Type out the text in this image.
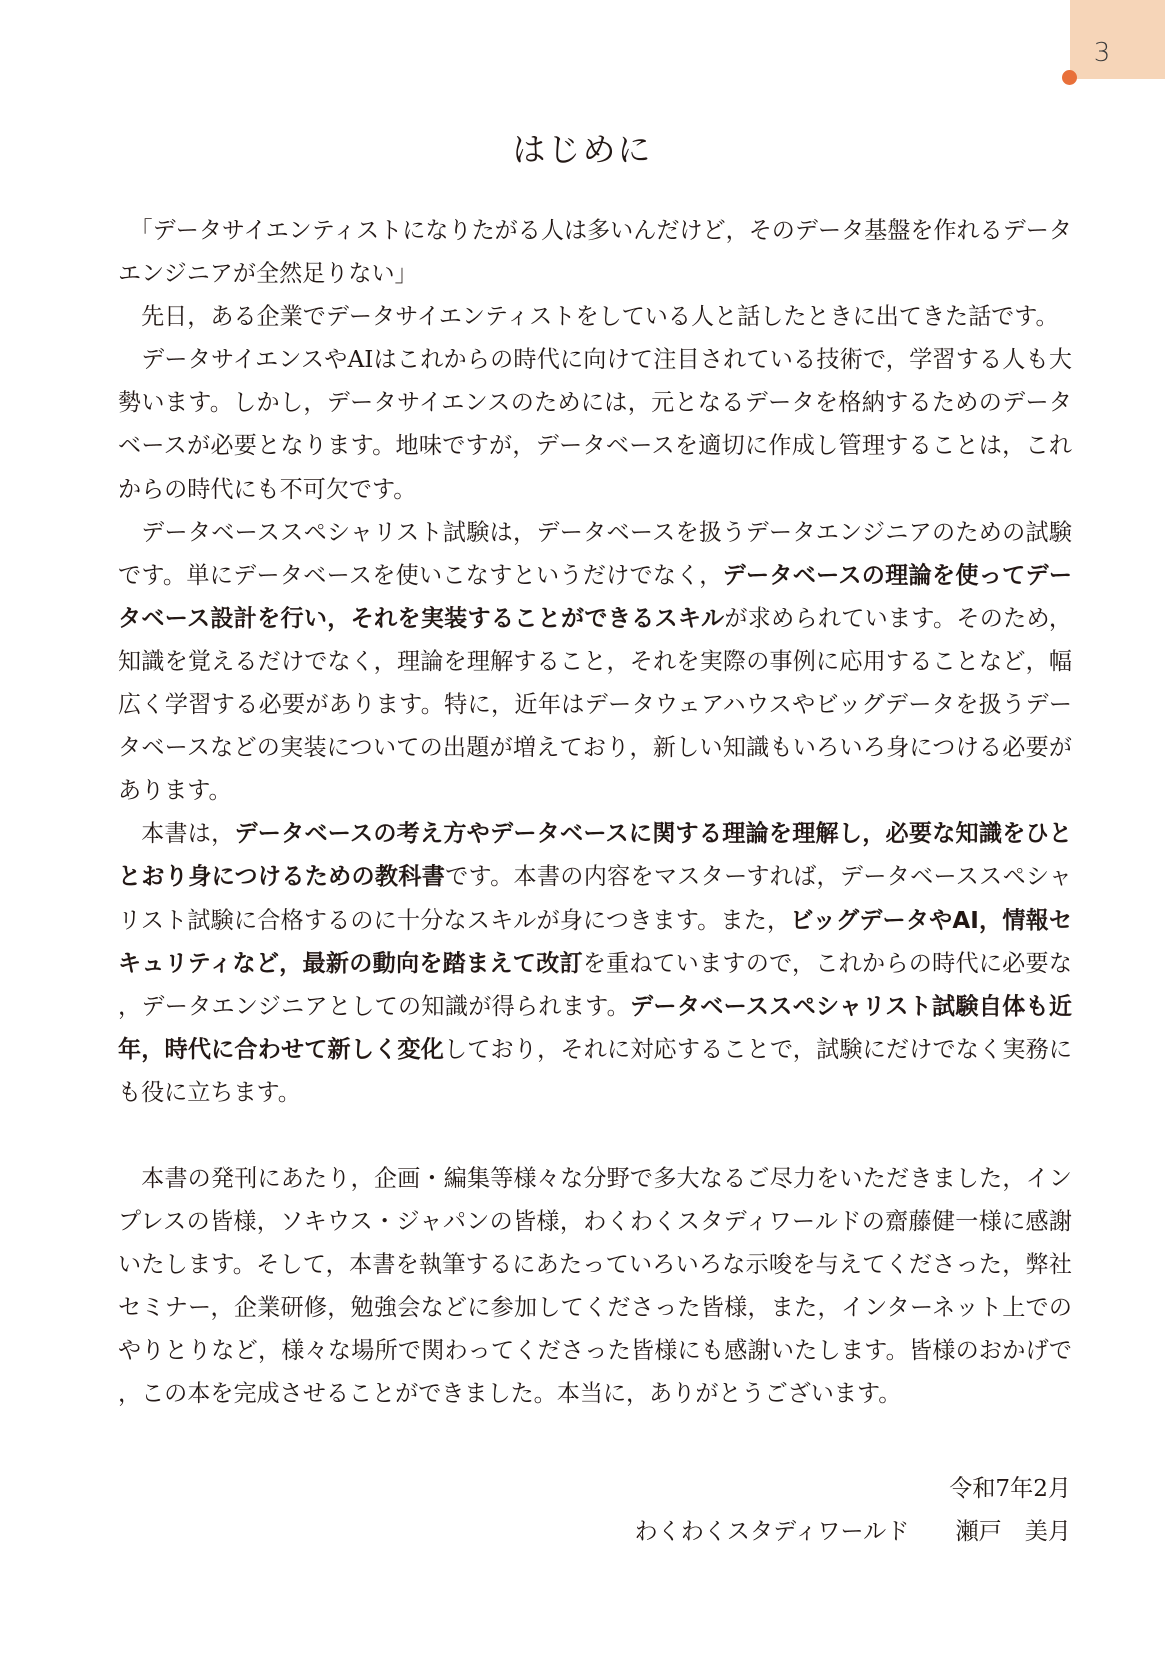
3
はじめに

「データサイエンティストになりたがる人は多いんだけど，そのデータ基盤を作れるデータエンジニアが全然足りない」

先日，ある企業でデータサイエンティストをしている人と話したときに出てきた話です。

データサイエンスやAIはこれからの時代に向けて注目されている技術で，学習する人も大勢います。しかし，データサイエンスのためには，元となるデータを格納するためのデータベースが必要となります。地味ですが，データベースを適切に作成し管理することは，これからの時代にも不可欠です。

データベーススペシャリスト試験は，データベースを扱うデータエンジニアのための試験です。単にデータベースを使いこなすというだけでなく，データベースの理論を使ってデータベース設計を行い，それを実装することができるスキルが求められています。そのため，知識を覚えるだけでなく，理論を理解すること，それを実際の事例に応用することなど，幅広く学習する必要があります。特に，近年はデータウェアハウスやビッグデータを扱うデータベースなどの実装についての出題が増えており，新しい知識もいろいろ身につける必要があります。

本書は，データベースの考え方やデータベースに関する理論を理解し，必要な知識をひととおり身につけるための教科書です。本書の内容をマスターすれば，データベーススペシャリスト試験に合格するのに十分なスキルが身につきます。また，ビッグデータやAI，情報セキュリティなど，最新の動向を踏まえて改訂を重ねていますので，これからの時代に必要な，データエンジニアとしての知識が得られます。データベーススペシャリスト試験自体も近年，時代に合わせて新しく変化しており，それに対応することで，試験にだけでなく実務にも役に立ちます。

本書の発刊にあたり，企画・編集等様々な分野で多大なるご尽力をいただきました，インプレスの皆様，ソキウス・ジャパンの皆様，わくわくスタディワールドの齋藤健一様に感謝いたします。そして，本書を執筆するにあたっていろいろな示唆を与えてくださった，弊社セミナー，企業研修，勉強会などに参加してくださった皆様，また，インターネット上でのやりとりなど，様々な場所で関わってくださった皆様にも感謝いたします。皆様のおかげで，この本を完成させることができました。本当に，ありがとうございます。

令和7年2月
わくわくスタディワールド 瀬戸　美月
